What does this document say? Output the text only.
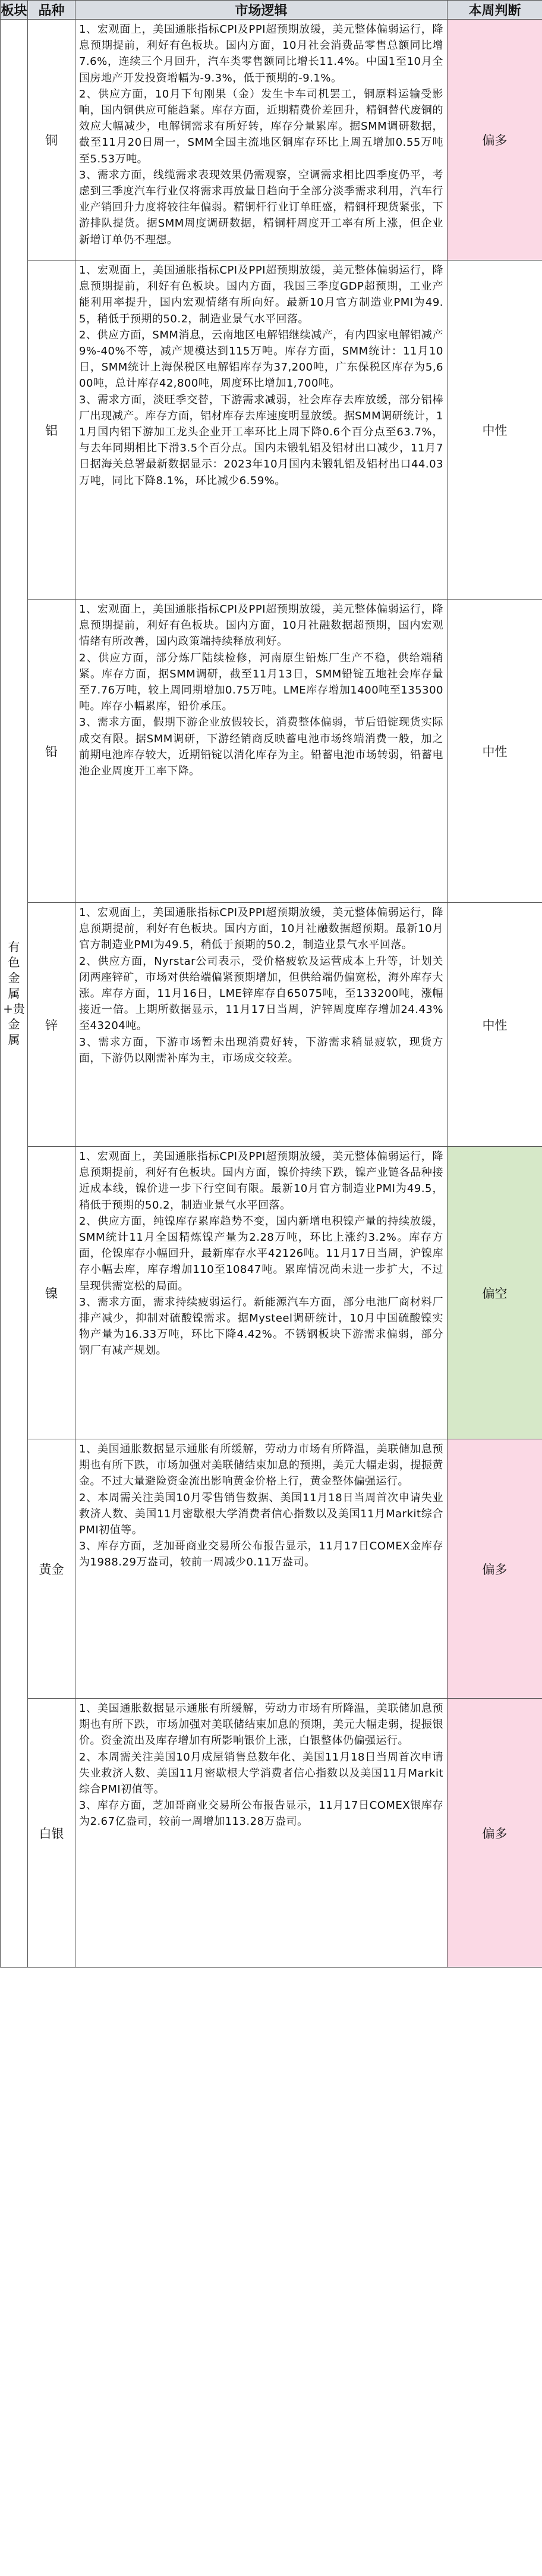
板块	品种	市场逻辑	本周判断
有色金属+贵金属	铜	1、宏观面上，美国通胀指标CPI及PPI超预期放缓，美元整体偏弱运行，降息预期提前，利好有色板块。国内方面，10月社会消费品零售总额同比增7.6%，连续三个月回升，汽车类零售额同比增长11.4%。中国1至10月全国房地产开发投资增幅为-9.3%，低于预期的-9.1%。

2、供应方面，10月下旬刚果（金）发生卡车司机罢工，铜原料运输受影响，国内铜供应可能趋紧。库存方面，近期精费价差回升，精铜替代废铜的效应大幅减少，电解铜需求有所好转，库存分量累库。据SMM调研数据，截至11月20日周一，SMM全国主流地区铜库存环比上周五增加0.55万吨至5.53万吨。

3、需求方面，线缆需求表现效果仍需观察，空调需求相比四季度仍平，考虑到三季度汽车行业仅将需求再放量日趋向于全部分淡季需求利用，汽车行业产销回升力度将较往年偏弱。精铜杆行业订单旺盛，精铜杆现货紧张，下游排队提货。据SMM周度调研数据，精铜杆周度开工率有所上涨，但企业新增订单仍不理想。	偏多
	铝	1、宏观面上，美国通胀指标CPI及PPI超预期放缓，美元整体偏弱运行，降息预期提前，利好有色板块。国内方面，我国三季度GDP超预期，工业产能利用率提升，国内宏观情绪有所向好。最新10月官方制造业PMI为49.5，稍低于预期的50.2，制造业景气水平回落。

2、供应方面，SMM消息，云南地区电解铝继续减产，有内四家电解铝减产9%-40%不等，减产规模达到115万吨。库存方面，SMM统计：11月10日，SMM统计上海保税区电解铝库存为37,200吨，广东保税区库存为5,600吨，总计库存42,800吨，周度环比增加1,700吨。

3、需求方面，淡旺季交替，下游需求减弱，社会库存去库放缓，部分铝棒厂出现减产。库存方面，铝材库存去库速度明显放缓。据SMM调研统计，11月国内铝下游加工龙头企业开工率环比上周下降0.6个百分点至63.7%，与去年同期相比下滑3.5个百分点。国内未锻轧铝及铝材出口减少，11月7日据海关总署最新数据显示：2023年10月国内未锻轧铝及铝材出口44.03万吨，同比下降8.1%，环比减少6.59%。	中性
	铅	1、宏观面上，美国通胀指标CPI及PPI超预期放缓，美元整体偏弱运行，降息预期提前，利好有色板块。国内方面，10月社融数据超预期，国内宏观情绪有所改善，国内政策端持续释放利好。

2、供应方面，部分炼厂陆续检修，河南原生铅炼厂生产不稳，供给端稍紧。库存方面，据SMM调研，截至11月13日，SMM铅锭五地社会库存量至7.76万吨，较上周同期增加0.75万吨。LME库存增加1400吨至135300吨。库存小幅累库，铅价承压。

3、需求方面，假期下游企业放假较长，消费整体偏弱，节后铅锭现货实际成交有限。据SMM调研，下游经销商反映蓄电池市场终端消费一般，加之前期电池库存较大，近期铅锭以消化库存为主。铅蓄电池市场转弱，铅蓄电池企业周度开工率下降。	中性
	锌	1、宏观面上，美国通胀指标CPI及PPI超预期放缓，美元整体偏弱运行，降息预期提前，利好有色板块。国内方面，10月社融数据超预期。最新10月官方制造业PMI为49.5，稍低于预期的50.2，制造业景气水平回落。

2、供应方面，Nyrstar公司表示，受价格疲软及运营成本上升等，计划关闭两座锌矿，市场对供给端偏紧预期增加，但供给端仍偏宽松，海外库存大涨。库存方面，11月16日，LME锌库存自65075吨，至133200吨，涨幅接近一倍。上期所数据显示，11月17日当周，沪锌周度库存增加24.43%至43204吨。

3、需求方面，下游市场暂未出现消费好转，下游需求稍显疲软，现货方面，下游仍以刚需补库为主，市场成交较差。	中性
	镍	1、宏观面上，美国通胀指标CPI及PPI超预期放缓，美元整体偏弱运行，降息预期提前，利好有色板块。国内方面，镍价持续下跌，镍产业链各品种接近成本线，镍价进一步下行空间有限。最新10月官方制造业PMI为49.5，稍低于预期的50.2，制造业景气水平回落。

2、供应方面，纯镍库存累库趋势不变，国内新增电积镍产量的持续放缓，SMM统计11月全国精炼镍产量为2.28万吨，环比上涨约3.2%。库存方面，伦镍库存小幅回升，最新库存水平42126吨。11月17日当周，沪镍库存小幅去库，库存增加110至10847吨。累库情况尚未进一步扩大，不过呈现供需宽松的局面。

3、需求方面，需求持续疲弱运行。新能源汽车方面，部分电池厂商材料厂排产减少，抑制对硫酸镍需求。据Mysteel调研统计，10月中国硫酸镍实物产量为16.33万吨，环比下降4.42%。不锈钢板块下游需求偏弱，部分钢厂有减产规划。	偏空
	黄金	1、美国通胀数据显示通胀有所缓解，劳动力市场有所降温，美联储加息预期也有所下跌，市场加强对美联储结束加息的预期，美元大幅走弱，提振黄金。不过大量避险资金流出影响黄金价格上行，黄金整体偏强运行。

2、本周需关注美国10月零售销售数据、美国11月18日当周首次申请失业救济人数、美国11月密歇根大学消费者信心指数以及美国11月Markit综合PMI初值等。

3、库存方面，芝加哥商业交易所公布报告显示，11月17日COMEX金库存为1988.29万盎司，较前一周减少0.11万盎司。	偏多
	白银	1、美国通胀数据显示通胀有所缓解，劳动力市场有所降温，美联储加息预期也有所下跌，市场加强对美联储结束加息的预期，美元大幅走弱，提振银价。资金流出及库存增加有所影响银价上涨，白银整体仍偏强运行。

2、本周需关注美国10月成屋销售总数年化、美国11月18日当周首次申请失业救济人数、美国11月密歇根大学消费者信心指数以及美国11月Markit综合PMI初值等。

3、库存方面，芝加哥商业交易所公布报告显示，11月17日COMEX银库存为2.67亿盎司，较前一周增加113.28万盎司。	偏多
